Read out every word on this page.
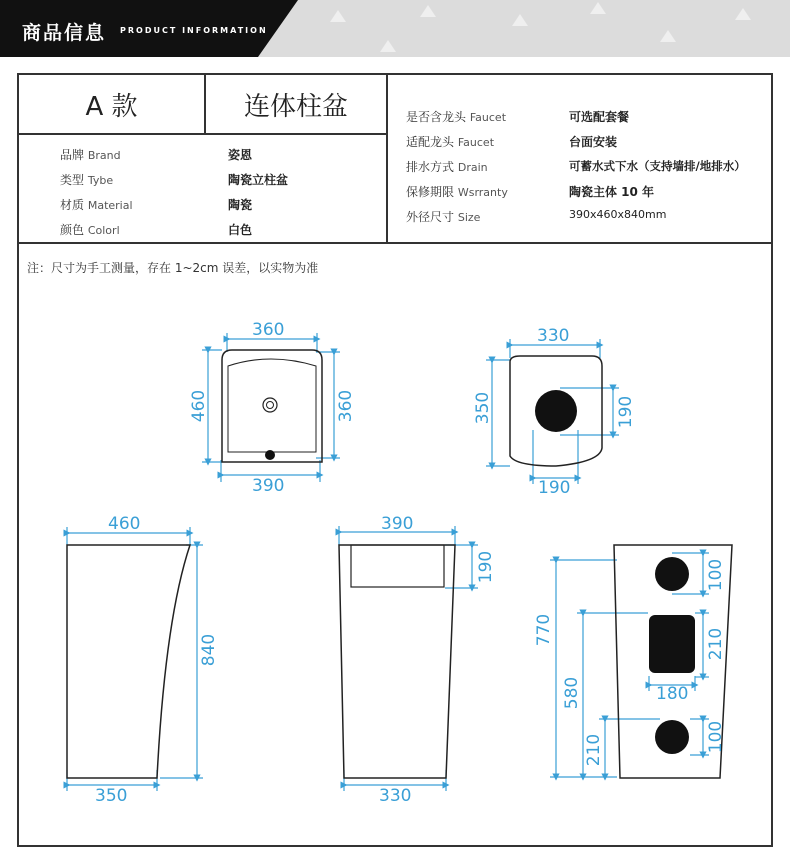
商品信息 PRODUCT INFORMATION
A 款	连体柱盆
品牌 Brand	姿恩
类型 Tybe	陶瓷立柱盆
材质 Material	陶瓷
颜色 Colorl	白色
是否含龙头 Faucet	可选配套餐
适配龙头 Faucet	台面安装
排水方式 Drain	可蓄水式下水（支持墙排/地排水）
保修期限 Wsrranty	陶瓷主体 10 年
外径尺寸 Size	390x460x840mm
注：尺寸为手工测量，存在 1~2cm 误差，以实物为准
360
390
460	360
330
350	190
190
460
350
840
390
330
190
770
580
210
100
210
180
100
